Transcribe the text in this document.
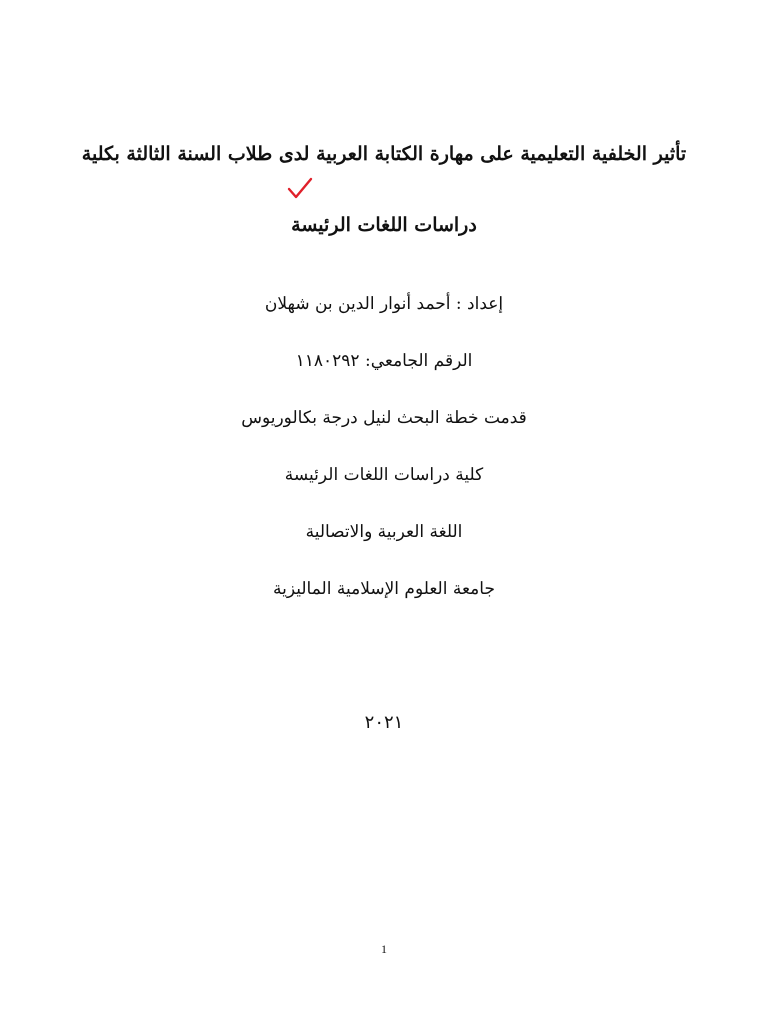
تأثير الخلفية التعليمية على مهارة الكتابة العربية لدى طلاب السنة الثالثة بكلية
دراسات اللغات الرئيسة
إعداد : أحمد أنوار الدين بن شهلان
الرقم الجامعي: ١١٨٠٢٩٢
قدمت خطة البحث لنيل درجة بكالوريوس
كلية دراسات اللغات الرئيسة
اللغة العربية والاتصالية
جامعة العلوم الإسلامية الماليزية
٢٠٢١
1
